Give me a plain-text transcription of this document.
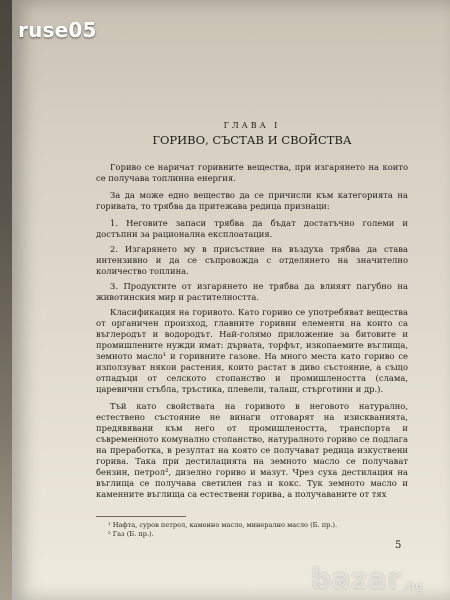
ruse05
ГЛАВА I
ГОРИВО, СЪСТАВ И СВОЙСТВА

Гориво се наричат горивните вещества, при изгарянето на които се получава топлинна енергия.

За да може едно вещество да се причисли към категорията на горивата, то трябва да притежава редица признаци:

1. Неговите запаси трябва да бъдат достатъчно големи и достъпни за рационална експлоатация.

2. Изгарянето му в присъствие на въздуха трябва да става интензивно и да се съпровожда с отделянето на значително количество топлина.

3. Продуктите от изгарянето не трябва да влияят пагубно на животинския мир и растителността.

Класификация на горивото. Като гориво се употребяват вещества от органичен произход, главните горивни елементи на които са въглеродът и водородът. Най-голямо приложение за битовите и промишлените нужди имат: дървата, торфът, изкопаемите въглища, земното масло¹ и горивните газове. На много места като гориво се използуват някои растения, които растат в диво състояние, а също отпадъци от селското стопанство и промишлеността (слама, царевични стъбла, тръстика, плевели, талаш, стърготини и др.).

Тъй като свойствата на горивото в неговото натурално, естествено състояние не винаги отговарят на изискванията, предявявани към него от промишлеността, транспорта и съвременното комунално стопанство, натуралното гориво се подлага на преработка, в резултат на която се получават редица изкуствени горива. Така при дестилацията на земното масло се получават бензин, петрол², дизелно гориво и мазут. Чрез суха дестилация на въглища се получава светилен газ и кокс. Тук земното масло и каменните въглища са естествени горива, а получаваните от тях

¹ Нафта, суров петрол, каменно масло, минерално масло (Б. пр.).
² Газ (Б. пр.).
5
bazar .bg
